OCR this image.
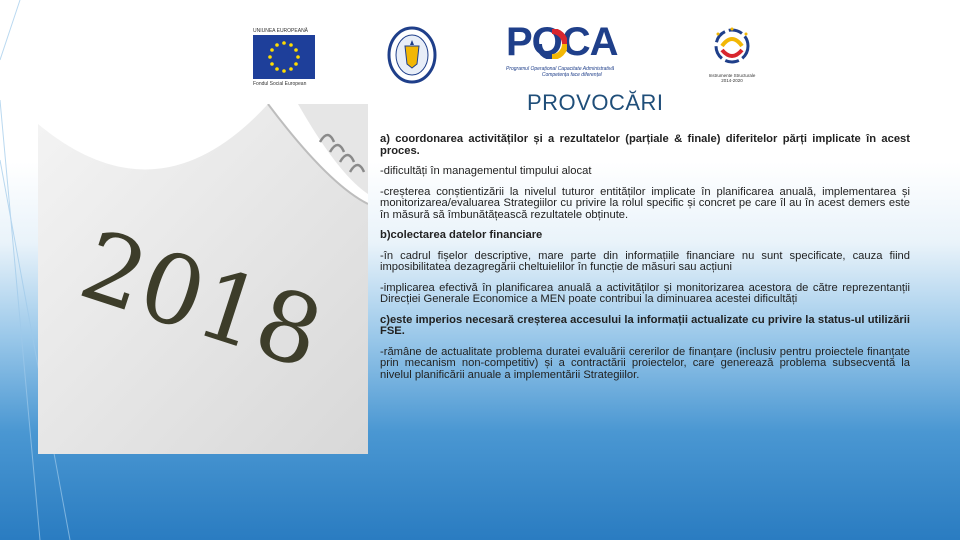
UNIUNEA EUROPEANĂ
Fondul Social European
POCA
Programul Operațional Capacitate Administrativă
Competența face diferența!	Instrumente Structurale
2014-2020
PROVOCĂRI
2018

a) coordonarea activităților și a rezultatelor (parțiale & finale) diferitelor părți implicate în acest proces.

-dificultăți în managementul timpului alocat

-creșterea conștientizării la nivelul tuturor entităților implicate în planificarea anuală, implementarea și monitorizarea/evaluarea Strategiilor cu privire la rolul specific și concret pe care îl au în acest demers este în măsură să îmbunătățească rezultatele obținute.

b)colectarea datelor financiare

-în cadrul fișelor descriptive, mare parte din informațiile financiare nu sunt specificate, cauza fiind imposibilitatea dezagregării cheltuielilor în funcție de măsuri sau acțiuni

-implicarea efectivă în planificarea anuală a activităților și monitorizarea acestora de către reprezentanții Direcției Generale Economice a MEN poate contribui la diminuarea acestei dificultăți

c)este imperios necesară creșterea accesului la informații actualizate cu privire la status-ul utilizării FSE.

-rămâne de actualitate problema duratei evaluării cererilor de finanțare (inclusiv pentru proiectele finanțate prin mecanism non-competitiv) și a contractării proiectelor, care generează problema subsecventă la nivelul planificării anuale a implementării Strategiilor.
